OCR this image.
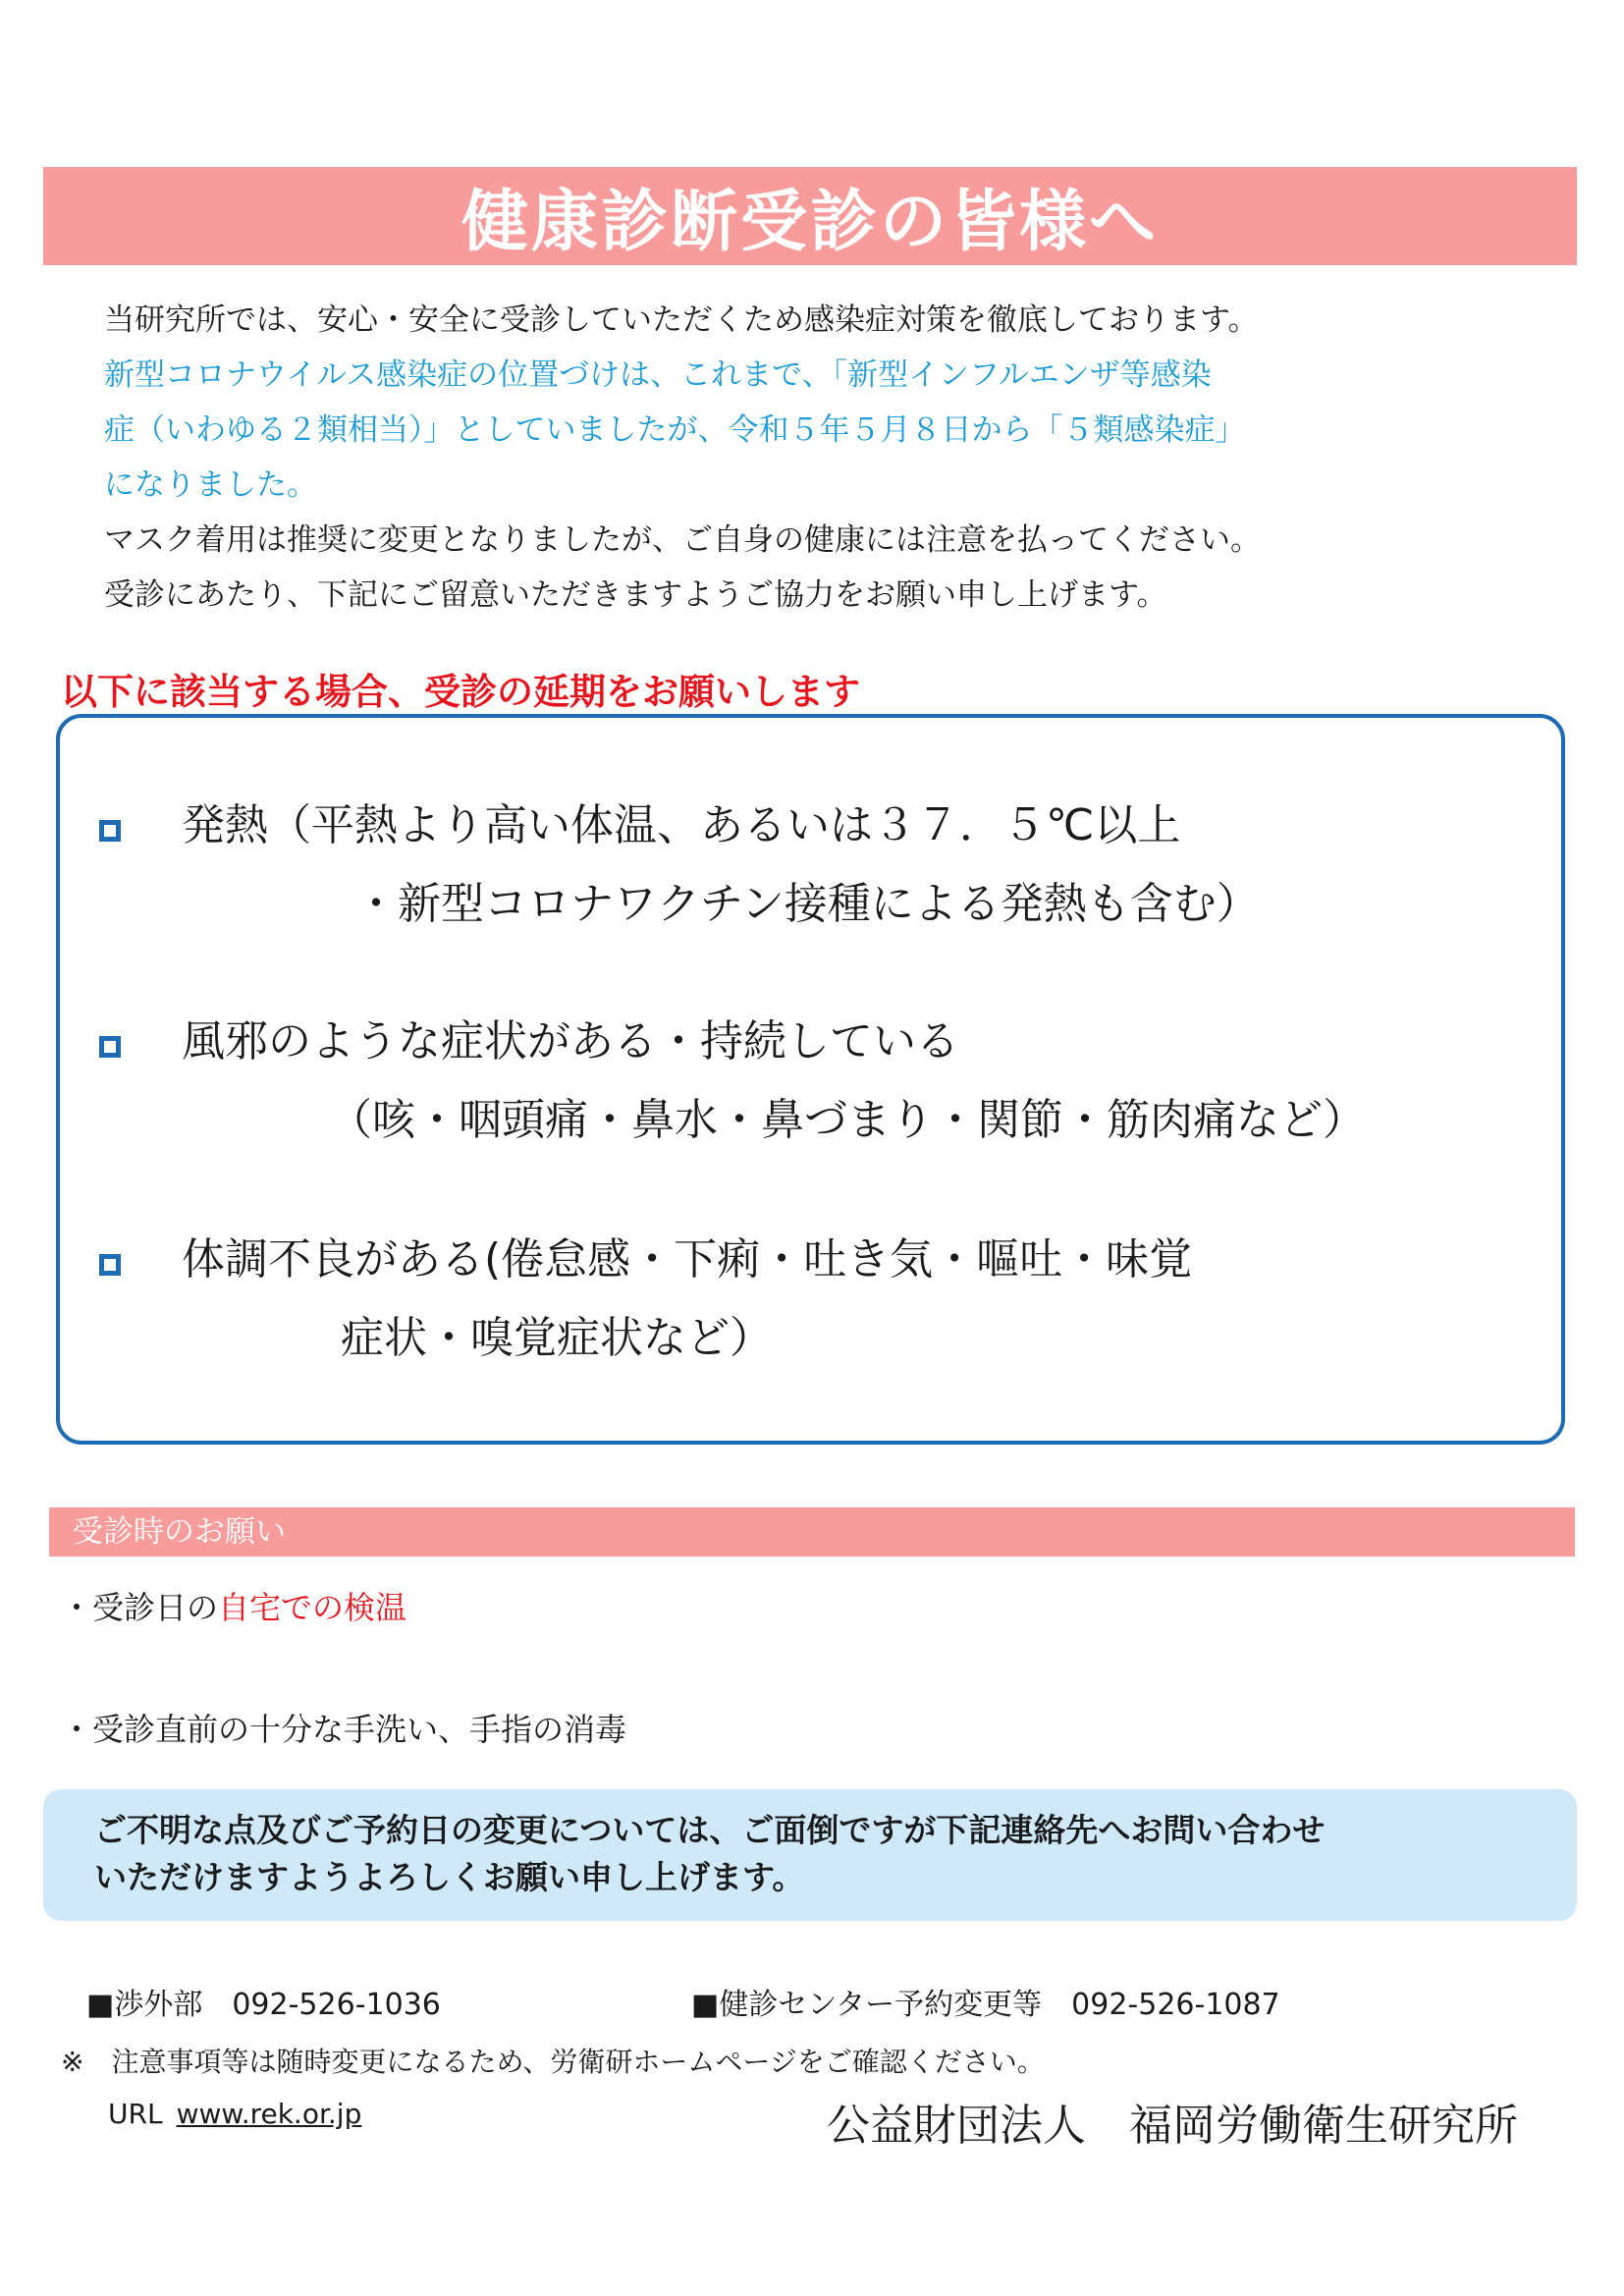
健康診断受診の皆様へ

当研究所では、安心・安全に受診していただくため感染症対策を徹底しております。

新型コロナウイルス感染症の位置づけは、これまで、「新型インフルエンザ等感染

症（いわゆる２類相当）」としていましたが、令和５年５月８日から「５類感染症」

になりました。

マスク着用は推奨に変更となりましたが、ご自身の健康には注意を払ってください。

受診にあたり、下記にご留意いただきますようご協力をお願い申し上げます。

以下に該当する場合、受診の延期をお願いします
発熱（平熱より高い体温、あるいは３７．５℃以上
・新型コロナワクチン接種による発熱も含む）
風邪のような症状がある・持続している
（咳・咽頭痛・鼻水・鼻づまり・関節・筋肉痛など）
体調不良がある(倦怠感・下痢・吐き気・嘔吐・味覚
症状・嗅覚症状など）
受診時のお願い
・受診日の自宅での検温
・受診直前の十分な手洗い、手指の消毒

ご不明な点及びご予約日の変更については、ご面倒ですが下記連絡先へお問い合わせ

いただけますようよろしくお願い申し上げます。

■渉外部　092-526-1036	■健診センター予約変更等　092-526-1087
※　注意事項等は随時変更になるため、労衛研ホームページをご確認ください。
URL www.rek.or.jp	公益財団法人　福岡労働衛生研究所
